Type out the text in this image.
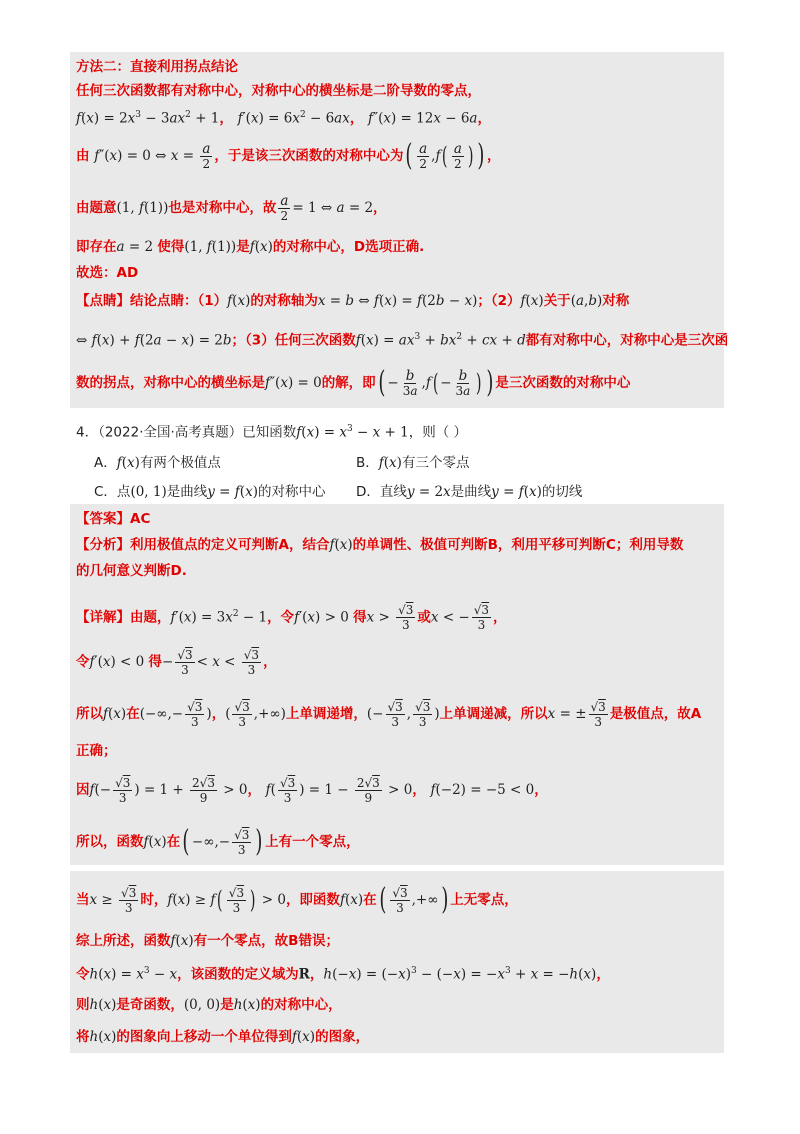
方法二：直接利用拐点结论
任何三次函数都有对称中心，对称中心的横坐标是二阶导数的零点，
$f(x) = 2x^3 - 3ax^2 + 1$， $f'(x) = 6x^2 - 6ax$， f″(x) = 12x − 6a，
由 f″(x) = 0 ⇔ $x = \frac{a}{2}$ ，于是该三次函数的对称中心为( $\frac{a}{2} ,f( \frac{a}{2}$ ) ) ，
由题意(1, f(1))也是对称中心，故 $\frac{a}{2} = 1$ ⇔ a = 2，
即存在a = 2 使得(1, f(1))是f(x)的对称中心，D选项正确.
故选：AD
【点睛】结论点睛：（1）f(x)的对称轴为x = b ⇔ f(x) = f(2b − x)；（2）f(x)关于(a,b)对称
⇔ f(x) + f(2a − x) = 2b；（3）任何三次函数$f(x) = ax^3 + bx^2$ + cx + d都有对称中心，对称中心是三次函
数的拐点，对称中心的横坐标是f″(x) = 0的解，即( − $\frac{b}{3a} ,f( - \frac{b}{3a}$ ) ) 是三次函数的对称中心
4．（2022·全国·高考真题）已知函数$f(x) = x^3 - x + 1$，则（ ）
A．f(x)有两个极值点	B．f(x)有三个零点
C．点(0, 1)是曲线y = f(x)的对称中心 D．直线y = 2x是曲线y = f(x)的切线
【答案】AC
【分析】利用极值点的定义可判断A，结合f(x)的单调性、极值可判断B，利用平移可判断C；利用导数
的几何意义判断D.
【详解】由题，$f'(x) = 3x^2 - 1$，令f′(x) > 0 得$x > \frac{√3}{3}$ 或x < − $\frac{√3}{3}$ ，
令f′(x) < 0 得− $\frac{√3}{3} < x < \frac{√3}{3}$ ，
所以f(x)在(−∞,− $\frac{√3}{3}$ )，( $\frac{√3}{3}$ ,+∞)上单调递增，(− $\frac{√3}{3}$ , $\frac{√3}{3}$ )上单调递减，所以x = ± $\frac{√3}{3}$ 是极值点，故A
正确；
因$f(- \frac{√3}{3}$ ) = $1 + \frac{2√3}{9} > 0$， $f( \frac{√3}{3}$ ) = $1 - \frac{2√3}{9} > 0$， f(−2) = −5 < 0，
所以，函数f(x)在( −∞,− $\frac{√3}{3}$ ) 上有一个零点，
当$x \ge \frac{√3}{3}$ 时，$f(x) \ge f( \frac{√3}{3}$ ) > 0，即函数f(x)在( $\frac{√3}{3}$ ,+∞) 上无零点，
综上所述，函数f(x)有一个零点，故B错误；
令$h(x) = x^3 - x$，该函数的定义域为R，$h(-x) = (-x)^3 - (-x) = -x^3 + x = -h(x)$，
则h(x)是奇函数，(0, 0)是h(x)的对称中心，
将h(x)的图象向上移动一个单位得到f(x)的图象，
